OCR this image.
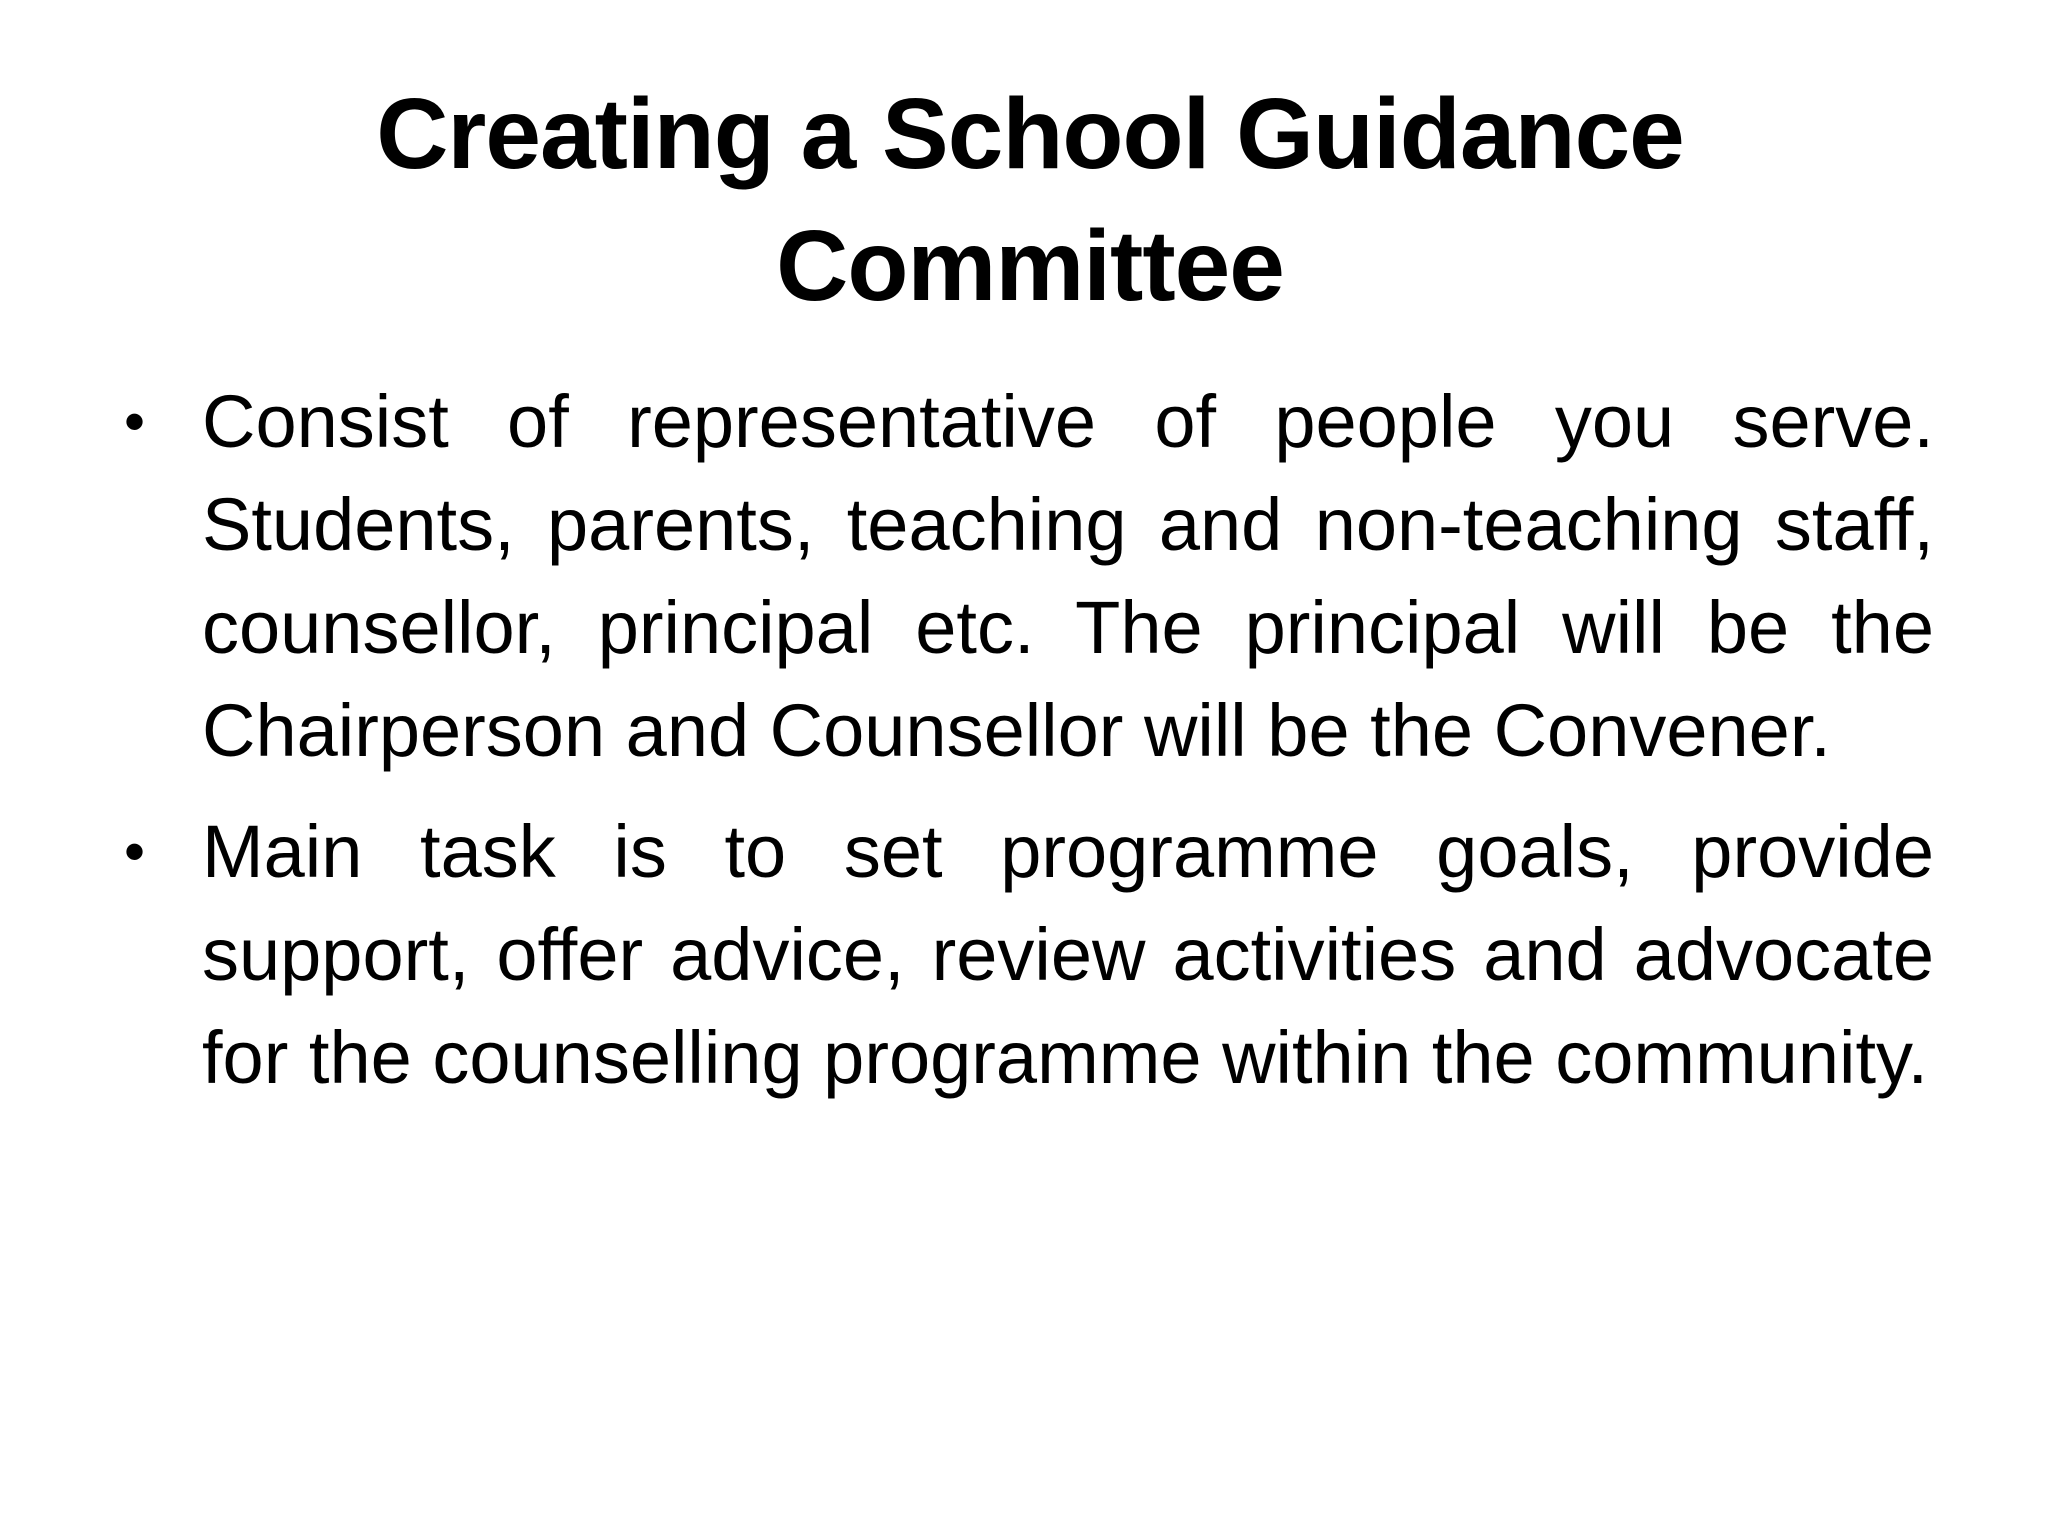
Creating a School Guidance Committee
• Consist of representative of people you serve. Students, parents, teaching and non-teaching staff, counsellor, principal etc. The principal will be the Chairperson and Counsellor will be the Convener.
• Main task is to set programme goals, provide support, offer advice, review activities and advocate for the counselling programme within the community.
